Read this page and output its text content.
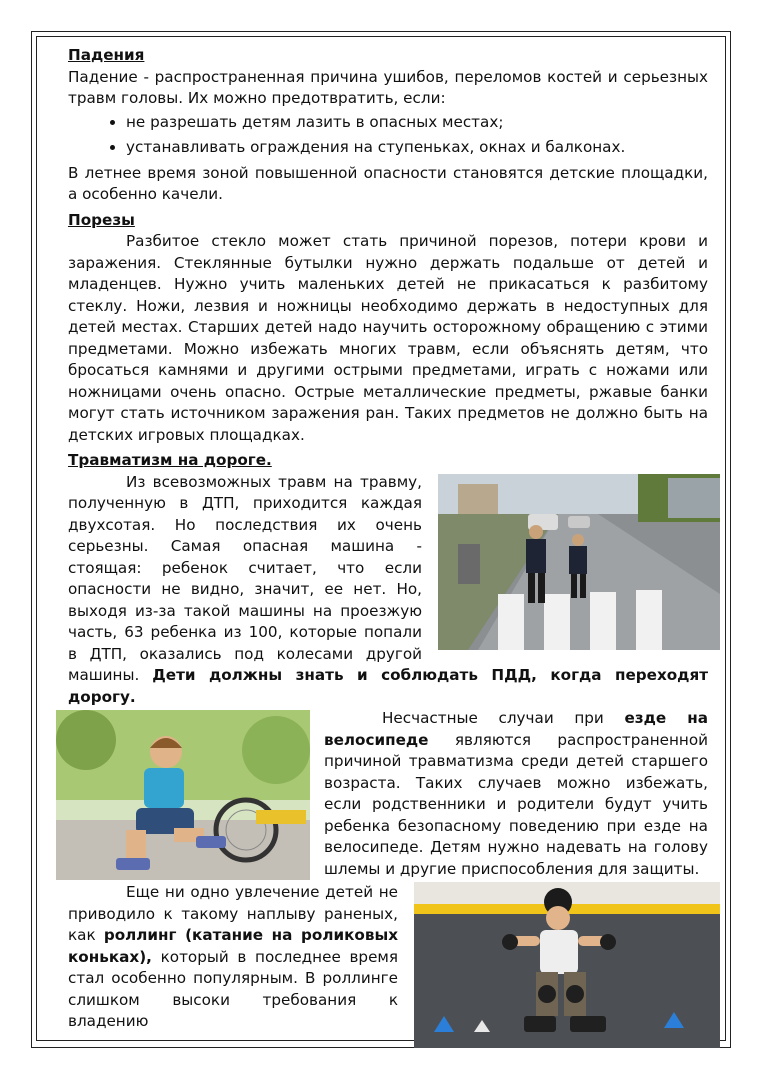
Падения

Падение - распространенная причина ушибов, переломов костей и серьезных травм головы. Их можно предотвратить, если:

• не разрешать детям лазить в опасных местах;
• устанавливать ограждения на ступеньках, окнах и балконах.

В летнее время зоной повышенной опасности становятся детские площадки, а особенно качели.

Порезы

Разбитое стекло может стать причиной порезов, потери крови и заражения. Стеклянные бутылки нужно держать подальше от детей и младенцев. Нужно учить маленьких детей не прикасаться к разбитому стеклу. Ножи, лезвия и ножницы необходимо держать в недоступных для детей местах. Старших детей надо научить осторожному обращению с этими предметами. Можно избежать многих травм, если объяснять детям, что бросаться камнями и другими острыми предметами, играть с ножами или ножницами очень опасно. Острые металлические предметы, ржавые банки могут стать источником заражения ран. Таких предметов не должно быть на детских игровых площадках.

Травматизм на дороге.

Из всевозможных травм на травму, полученную в ДТП, приходится каждая двухсотая. Но последствия их очень серьезны. Самая опасная машина - стоящая: ребенок считает, что если опасности не видно, значит, ее нет. Но, выходя из-за такой машины на проезжую часть, 63 ребенка из 100, которые попали в ДТП, оказались под колесами другой машины. Дети должны знать и соблюдать ПДД, когда переходят дорогу.

Несчастные случаи при езде на велосипеде являются распространенной причиной травматизма среди детей старшего возраста. Таких случаев можно избежать, если родственники и родители будут учить ребенка безопасному поведению при езде на велосипеде. Детям нужно надевать на голову шлемы и другие приспособления для защиты.

Еще ни одно увлечение детей не приводило к такому наплыву раненых, как роллинг (катание на роликовых коньках), который в последнее время стал особенно популярным. В роллинге слишком высоки требования к владению
